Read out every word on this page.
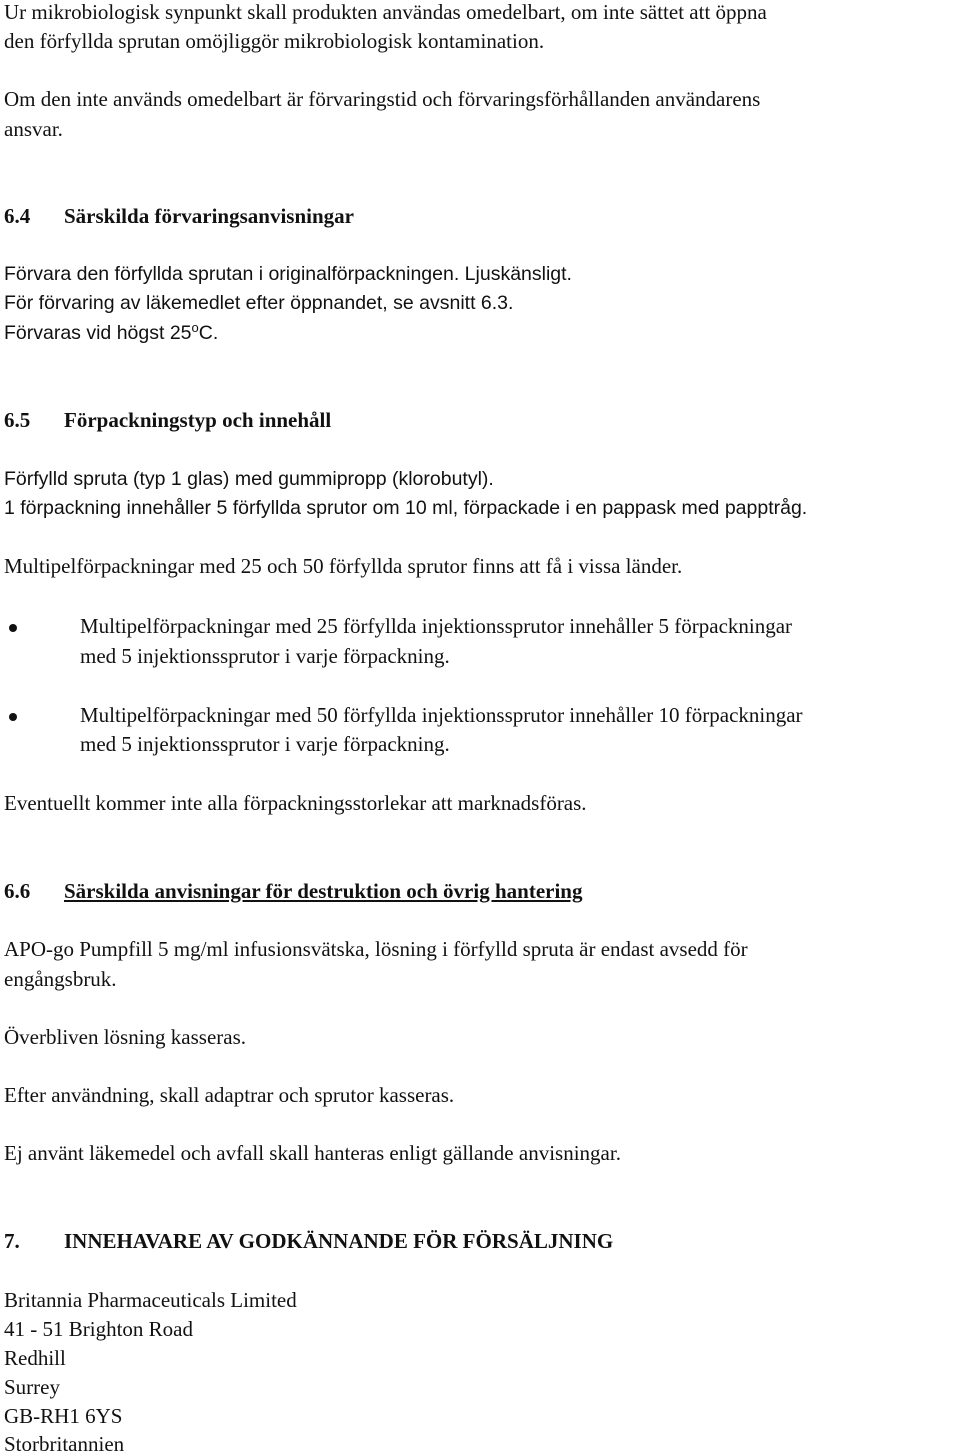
Ur mikrobiologisk synpunkt skall produkten användas omedelbart, om inte sättet att öppna
den förfyllda sprutan omöjliggör mikrobiologisk kontamination.
Om den inte används omedelbart är förvaringstid och förvaringsförhållanden användarens
ansvar.
6.4 Särskilda förvaringsanvisningar
Förvara den förfyllda sprutan i originalförpackningen. Ljuskänsligt.
För förvaring av läkemedlet efter öppnandet, se avsnitt 6.3.
Förvaras vid högst 25$^o$C.
6.5 Förpackningstyp och innehåll
Förfylld spruta (typ 1 glas) med gummipropp (klorobutyl).
1 förpackning innehåller 5 förfyllda sprutor om 10 ml, förpackade i en pappask med papptråg.
Multipelförpackningar med 25 och 50 förfyllda sprutor finns att få i vissa länder.
Multipelförpackningar med 25 förfyllda injektionssprutor innehåller 5 förpackningar
med 5 injektionssprutor i varje förpackning.
Multipelförpackningar med 50 förfyllda injektionssprutor innehåller 10 förpackningar
med 5 injektionssprutor i varje förpackning.
Eventuellt kommer inte alla förpackningsstorlekar att marknadsföras.
6.6 Särskilda anvisningar för destruktion och övrig hantering
APO-go Pumpfill 5 mg/ml infusionsvätska, lösning i förfylld spruta är endast avsedd för
engångsbruk.
Överbliven lösning kasseras.
Efter användning, skall adaptrar och sprutor kasseras.
Ej använt läkemedel och avfall skall hanteras enligt gällande anvisningar.
7. INNEHAVARE AV GODKÄNNANDE FÖR FÖRSÄLJNING
Britannia Pharmaceuticals Limited
41 - 51 Brighton Road
Redhill
Surrey
GB-RH1 6YS
Storbritannien
